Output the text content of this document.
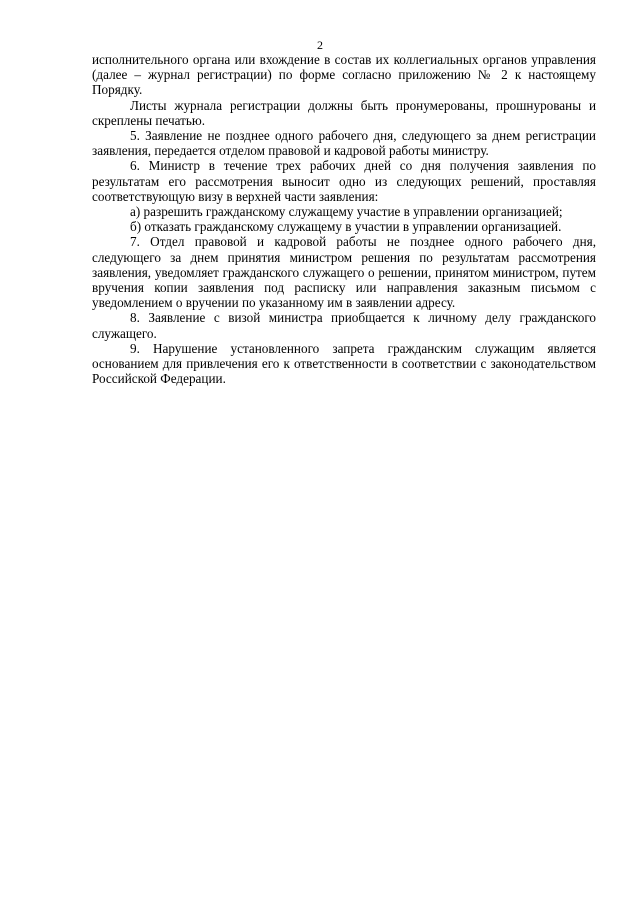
2

исполнительного органа или вхождение в состав их коллегиальных органов управления (далее – журнал регистрации) по форме согласно приложению № 2 к настоящему Порядку.

Листы журнала регистрации должны быть пронумерованы, прошнурованы и скреплены печатью.

5. Заявление не позднее одного рабочего дня, следующего за днем регистрации заявления, передается отделом правовой и кадровой работы министру.

6. Министр в течение трех рабочих дней со дня получения заявления по результатам его рассмотрения выносит одно из следующих решений, проставляя соответствующую визу в верхней части заявления:

а) разрешить гражданскому служащему участие в управлении организацией;

б) отказать гражданскому служащему в участии в управлении организацией.

7. Отдел правовой и кадровой работы не позднее одного рабочего дня, следующего за днем принятия министром решения по результатам рассмотрения заявления, уведомляет гражданского служащего о решении, принятом министром, путем вручения копии заявления под расписку или направления заказным письмом с уведомлением о вручении по указанному им в заявлении адресу.

8. Заявление с визой министра приобщается к личному делу гражданского служащего.

9. Нарушение установленного запрета гражданским служащим является основанием для привлечения его к ответственности в соответствии с законодательством Российской Федерации.
